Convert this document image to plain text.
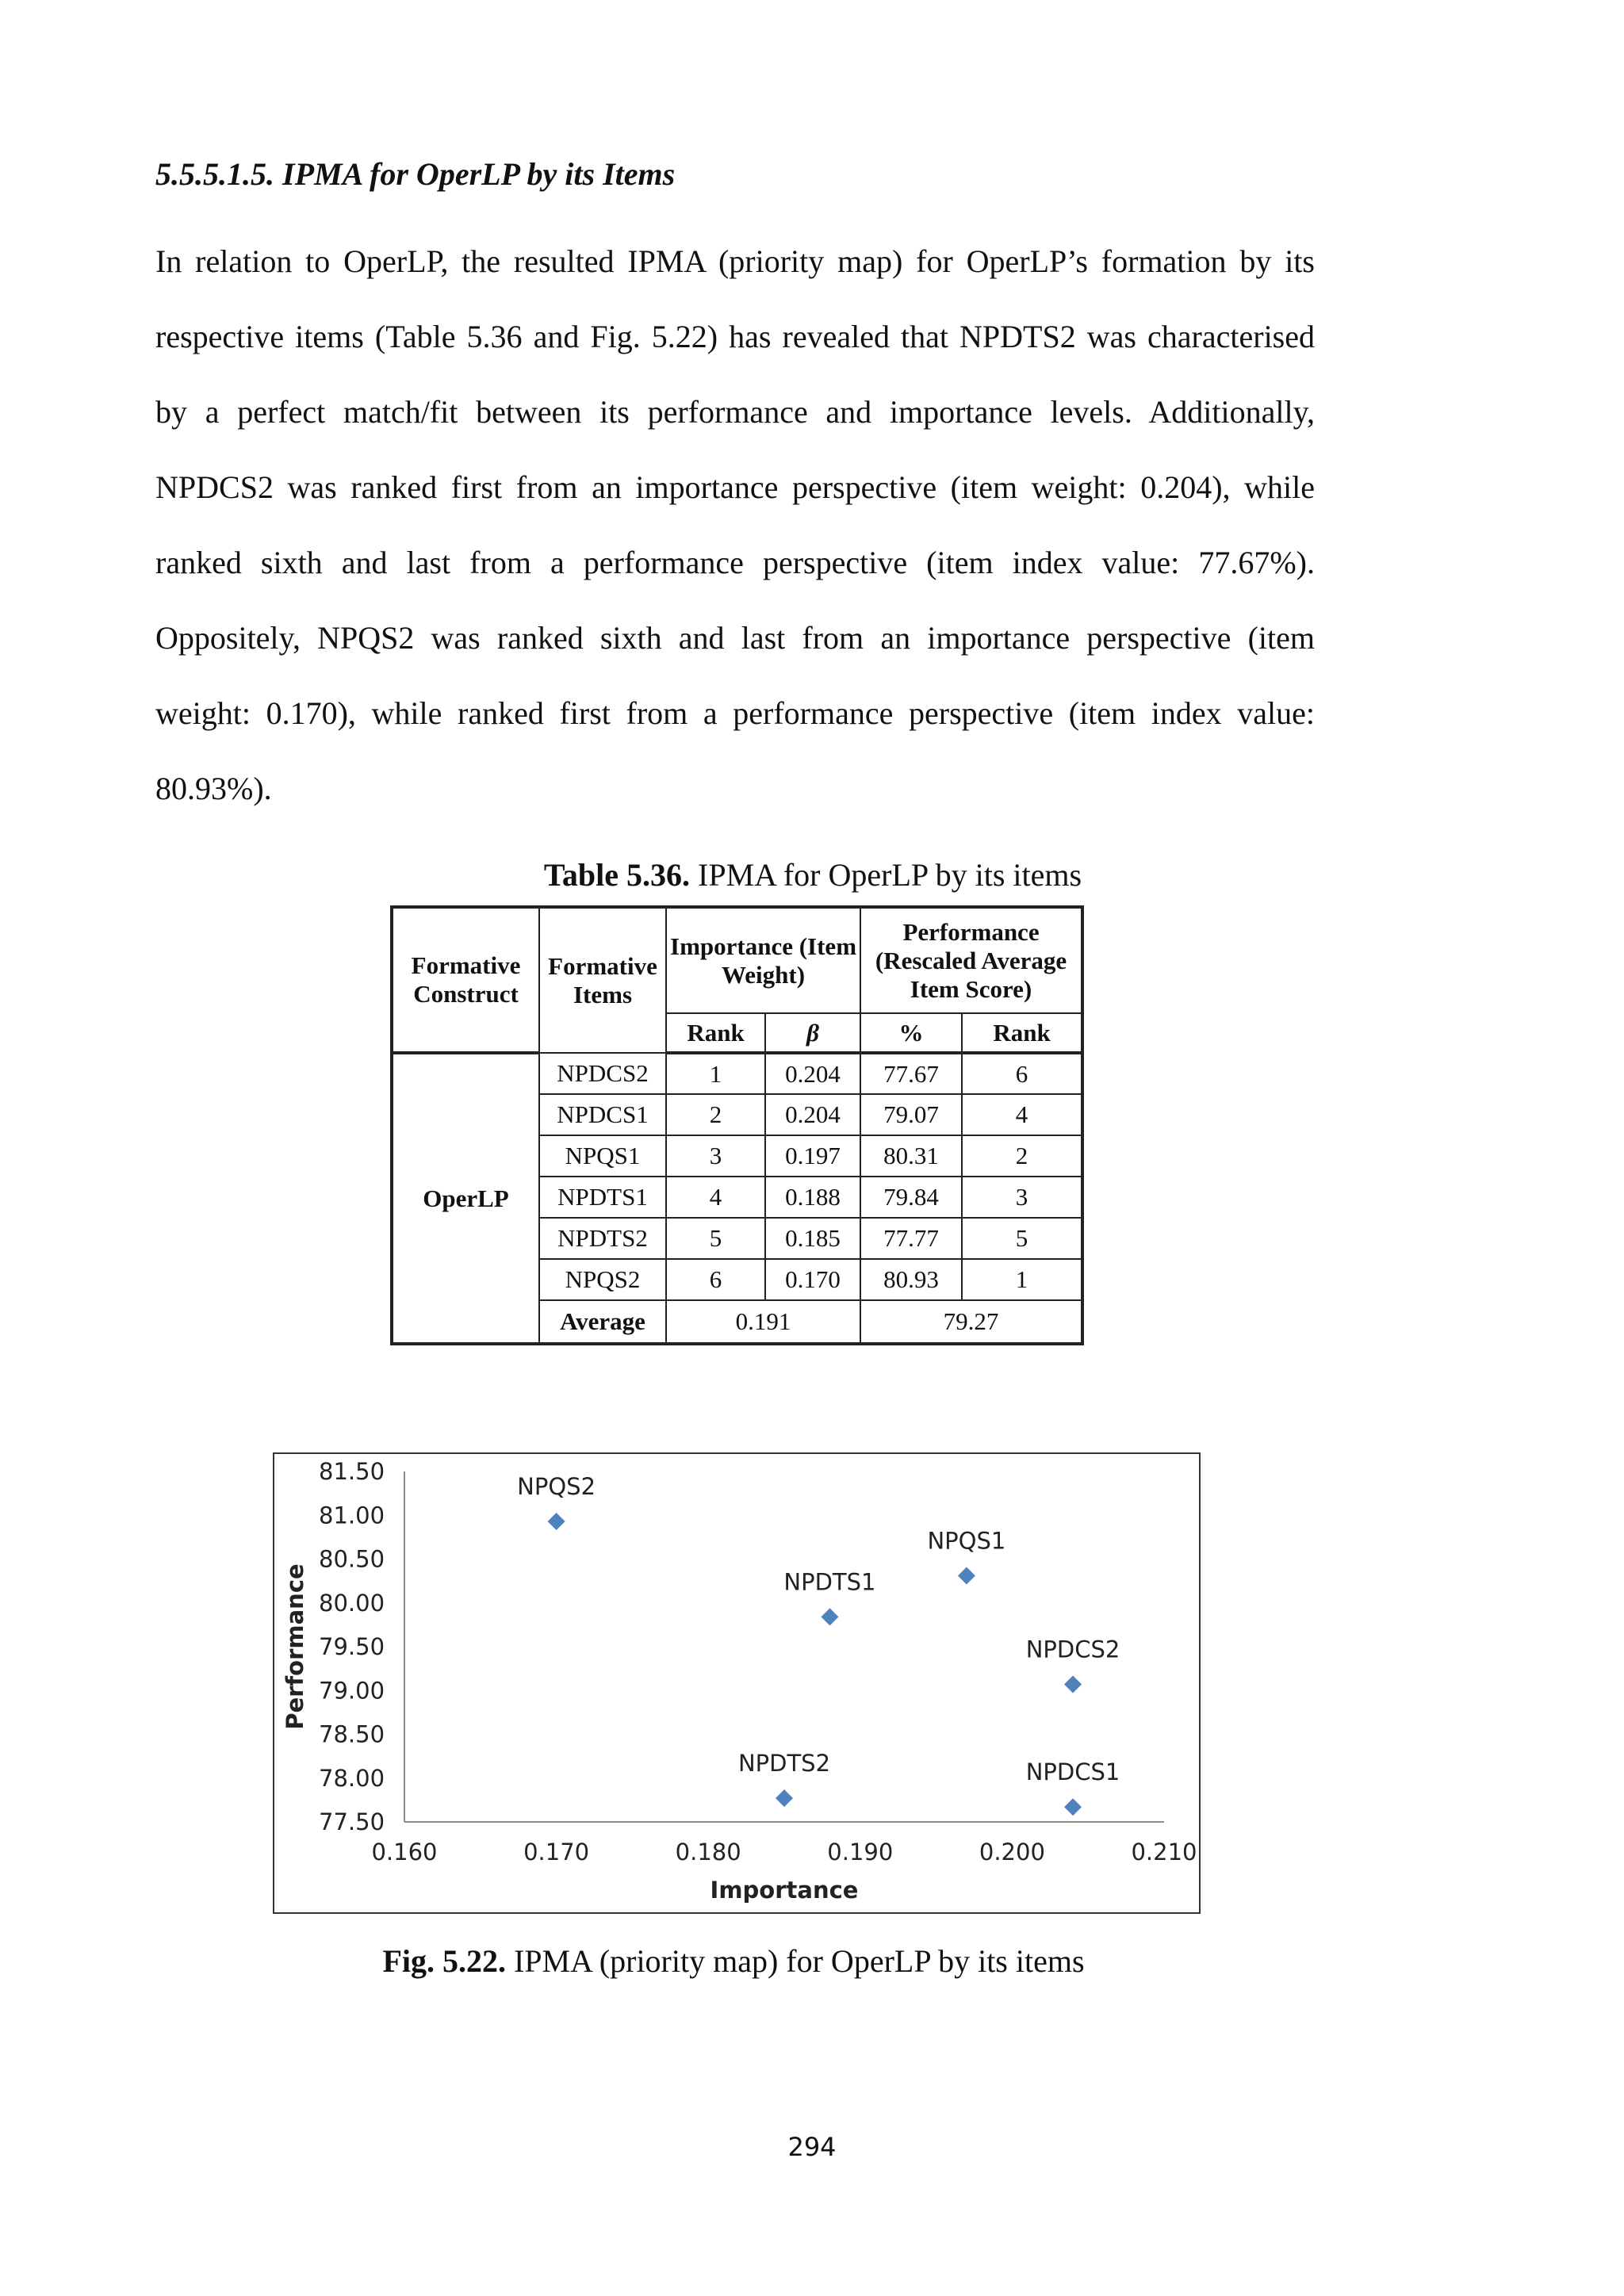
5.5.5.1.5. IPMA for OperLP by its Items

In relation to OperLP, the resulted IPMA (priority map) for OperLP’s formation by its respective items (Table 5.36 and Fig. 5.22) has revealed that NPDTS2 was characterised by a perfect match/fit between its performance and importance levels. Additionally, NPDCS2 was ranked first from an importance perspective (item weight: 0.204), while ranked sixth and last from a performance perspective (item index value: 77.67%). Oppositely, NPQS2 was ranked sixth and last from an importance perspective (item weight: 0.170), while ranked first from a performance perspective (item index value: 80.93%).

Table 5.36. IPMA for OperLP by its items

Formative Construct	Formative Items	Importance (Item Weight)		Performance (Rescaled Average Item Score)	
		Rank	β	%	Rank
OperLP	NPDCS2	1	0.204	77.67	6
	NPDCS1	2	0.204	79.07	4
	NPQS1	3	0.197	80.31	2
	NPDTS1	4	0.188	79.84	3
	NPDTS2	5	0.185	77.77	5
	NPQS2	6	0.170	80.93	1
	Average	0.191		79.27	
77.50
78.00
78.50
79.00
79.50
80.00
80.50
81.00
81.50
0.160	0.170	0.180	0.190	0.200	0.210
Importance
Performance
NPQS2
NPDTS1
NPQS1
NPDCS2
NPDTS2	NPDCS1

Fig. 5.22. IPMA (priority map) for OperLP by its items

294
